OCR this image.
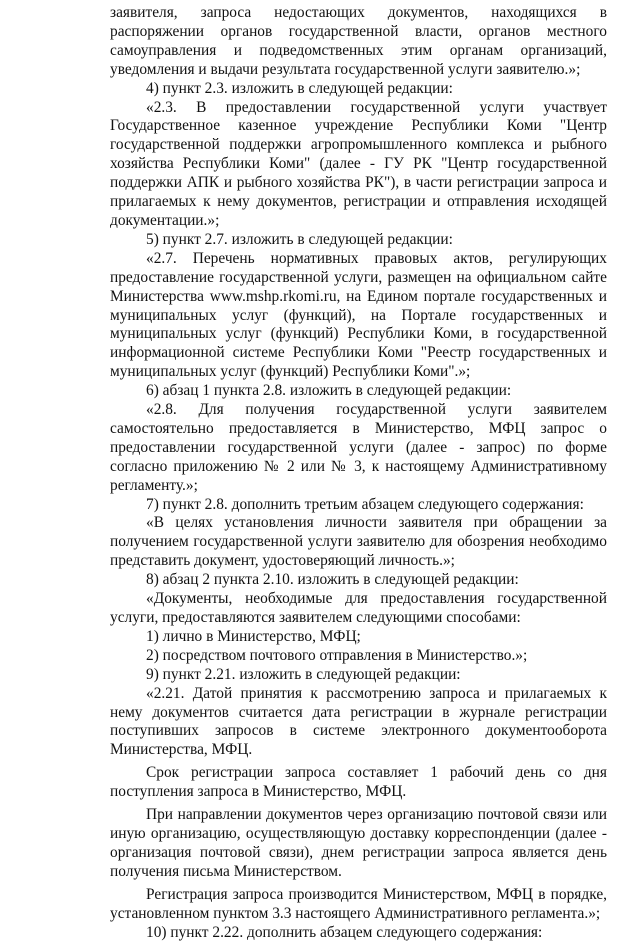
заявителя, запроса недостающих документов, находящихся в распоряжении органов государственной власти, органов местного самоуправления и подведомственных этим органам организаций, уведомления и выдачи результата государственной услуги заявителю.»;

4) пункт 2.3. изложить в следующей редакции:

«2.3. В предоставлении государственной услуги участвует Государственное казенное учреждение Республики Коми "Центр государственной поддержки агропромышленного комплекса и рыбного хозяйства Республики Коми" (далее - ГУ РК "Центр государственной поддержки АПК и рыбного хозяйства РК"), в части регистрации запроса и прилагаемых к нему документов, регистрации и отправления исходящей документации.»;

5) пункт 2.7. изложить в следующей редакции:

«2.7. Перечень нормативных правовых актов, регулирующих предоставление государственной услуги, размещен на официальном сайте Министерства www.mshp.rkomi.ru, на Едином портале государственных и муниципальных услуг (функций), на Портале государственных и муниципальных услуг (функций) Республики Коми, в государственной информационной системе Республики Коми "Реестр государственных и муниципальных услуг (функций) Республики Коми".»;

6) абзац 1 пункта 2.8. изложить в следующей редакции:

«2.8. Для получения государственной услуги заявителем самостоятельно предоставляется в Министерство, МФЦ запрос о предоставлении государственной услуги (далее - запрос) по форме согласно приложению № 2 или № 3, к настоящему Административному регламенту.»;

7) пункт 2.8. дополнить третьим абзацем следующего содержания:

«В целях установления личности заявителя при обращении за получением государственной услуги заявителю для обозрения необходимо представить документ, удостоверяющий личность.»;

8) абзац 2 пункта 2.10. изложить в следующей редакции:

«Документы, необходимые для предоставления государственной услуги, предоставляются заявителем следующими способами:

1) лично в Министерство, МФЦ;

2) посредством почтового отправления в Министерство.»;

9) пункт 2.21. изложить в следующей редакции:

«2.21. Датой принятия к рассмотрению запроса и прилагаемых к нему документов считается дата регистрации в журнале регистрации поступивших запросов в системе электронного документооборота Министерства, МФЦ.

Срок регистрации запроса составляет 1 рабочий день со дня поступления запроса в Министерство, МФЦ.

При направлении документов через организацию почтовой связи или иную организацию, осуществляющую доставку корреспонденции (далее - организация почтовой связи), днем регистрации запроса является день получения письма Министерством.

Регистрация запроса производится Министерством, МФЦ в порядке, установленном пунктом 3.3 настоящего Административного регламента.»;

10) пункт 2.22. дополнить абзацем следующего содержания:
